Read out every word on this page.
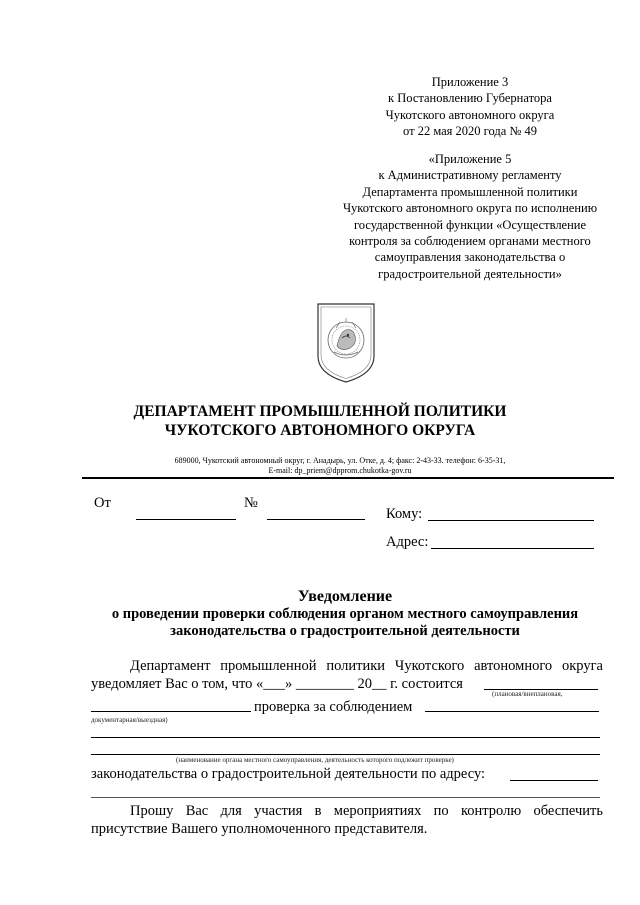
Приложение 3
к Постановлению Губернатора
Чукотского автономного округа
от 22 мая 2020 года № 49
«Приложение 5
к Административному регламенту
Департамента промышленной политики
Чукотского автономного округа по исполнению
государственной функции «Осуществление
контроля за соблюдением органами местного
самоуправления законодательства о
градостроительной деятельности»
ДЕПАРТАМЕНТ ПРОМЫШЛЕННОЙ ПОЛИТИКИ
ЧУКОТСКОГО АВТОНОМНОГО ОКРУГА
689000, Чукотский автономный округ, г. Анадырь, ул. Отке, д. 4; факс: 2-43-33. телефон: 6-35-31,
E-mail: dp_priem@dpprom.chukotka-gov.ru
От	№
Кому:
Адрес:
Уведомление
о проведении проверки соблюдения органом местного самоуправления
законодательства о градостроительной деятельности
Департамент промышленной политики Чукотского автономного округа
уведомляет Вас о том, что «___» ________ 20__ г. состоится
(плановая/внеплановая,
проверка за соблюдением
документарная/выездная)
(наименование органа местного самоуправления, деятельность которого подлежит проверке)
законодательства о градостроительной деятельности по адресу:
Прошу Вас для участия в мероприятиях по контролю обеспечить
присутствие Вашего уполномоченного представителя.
